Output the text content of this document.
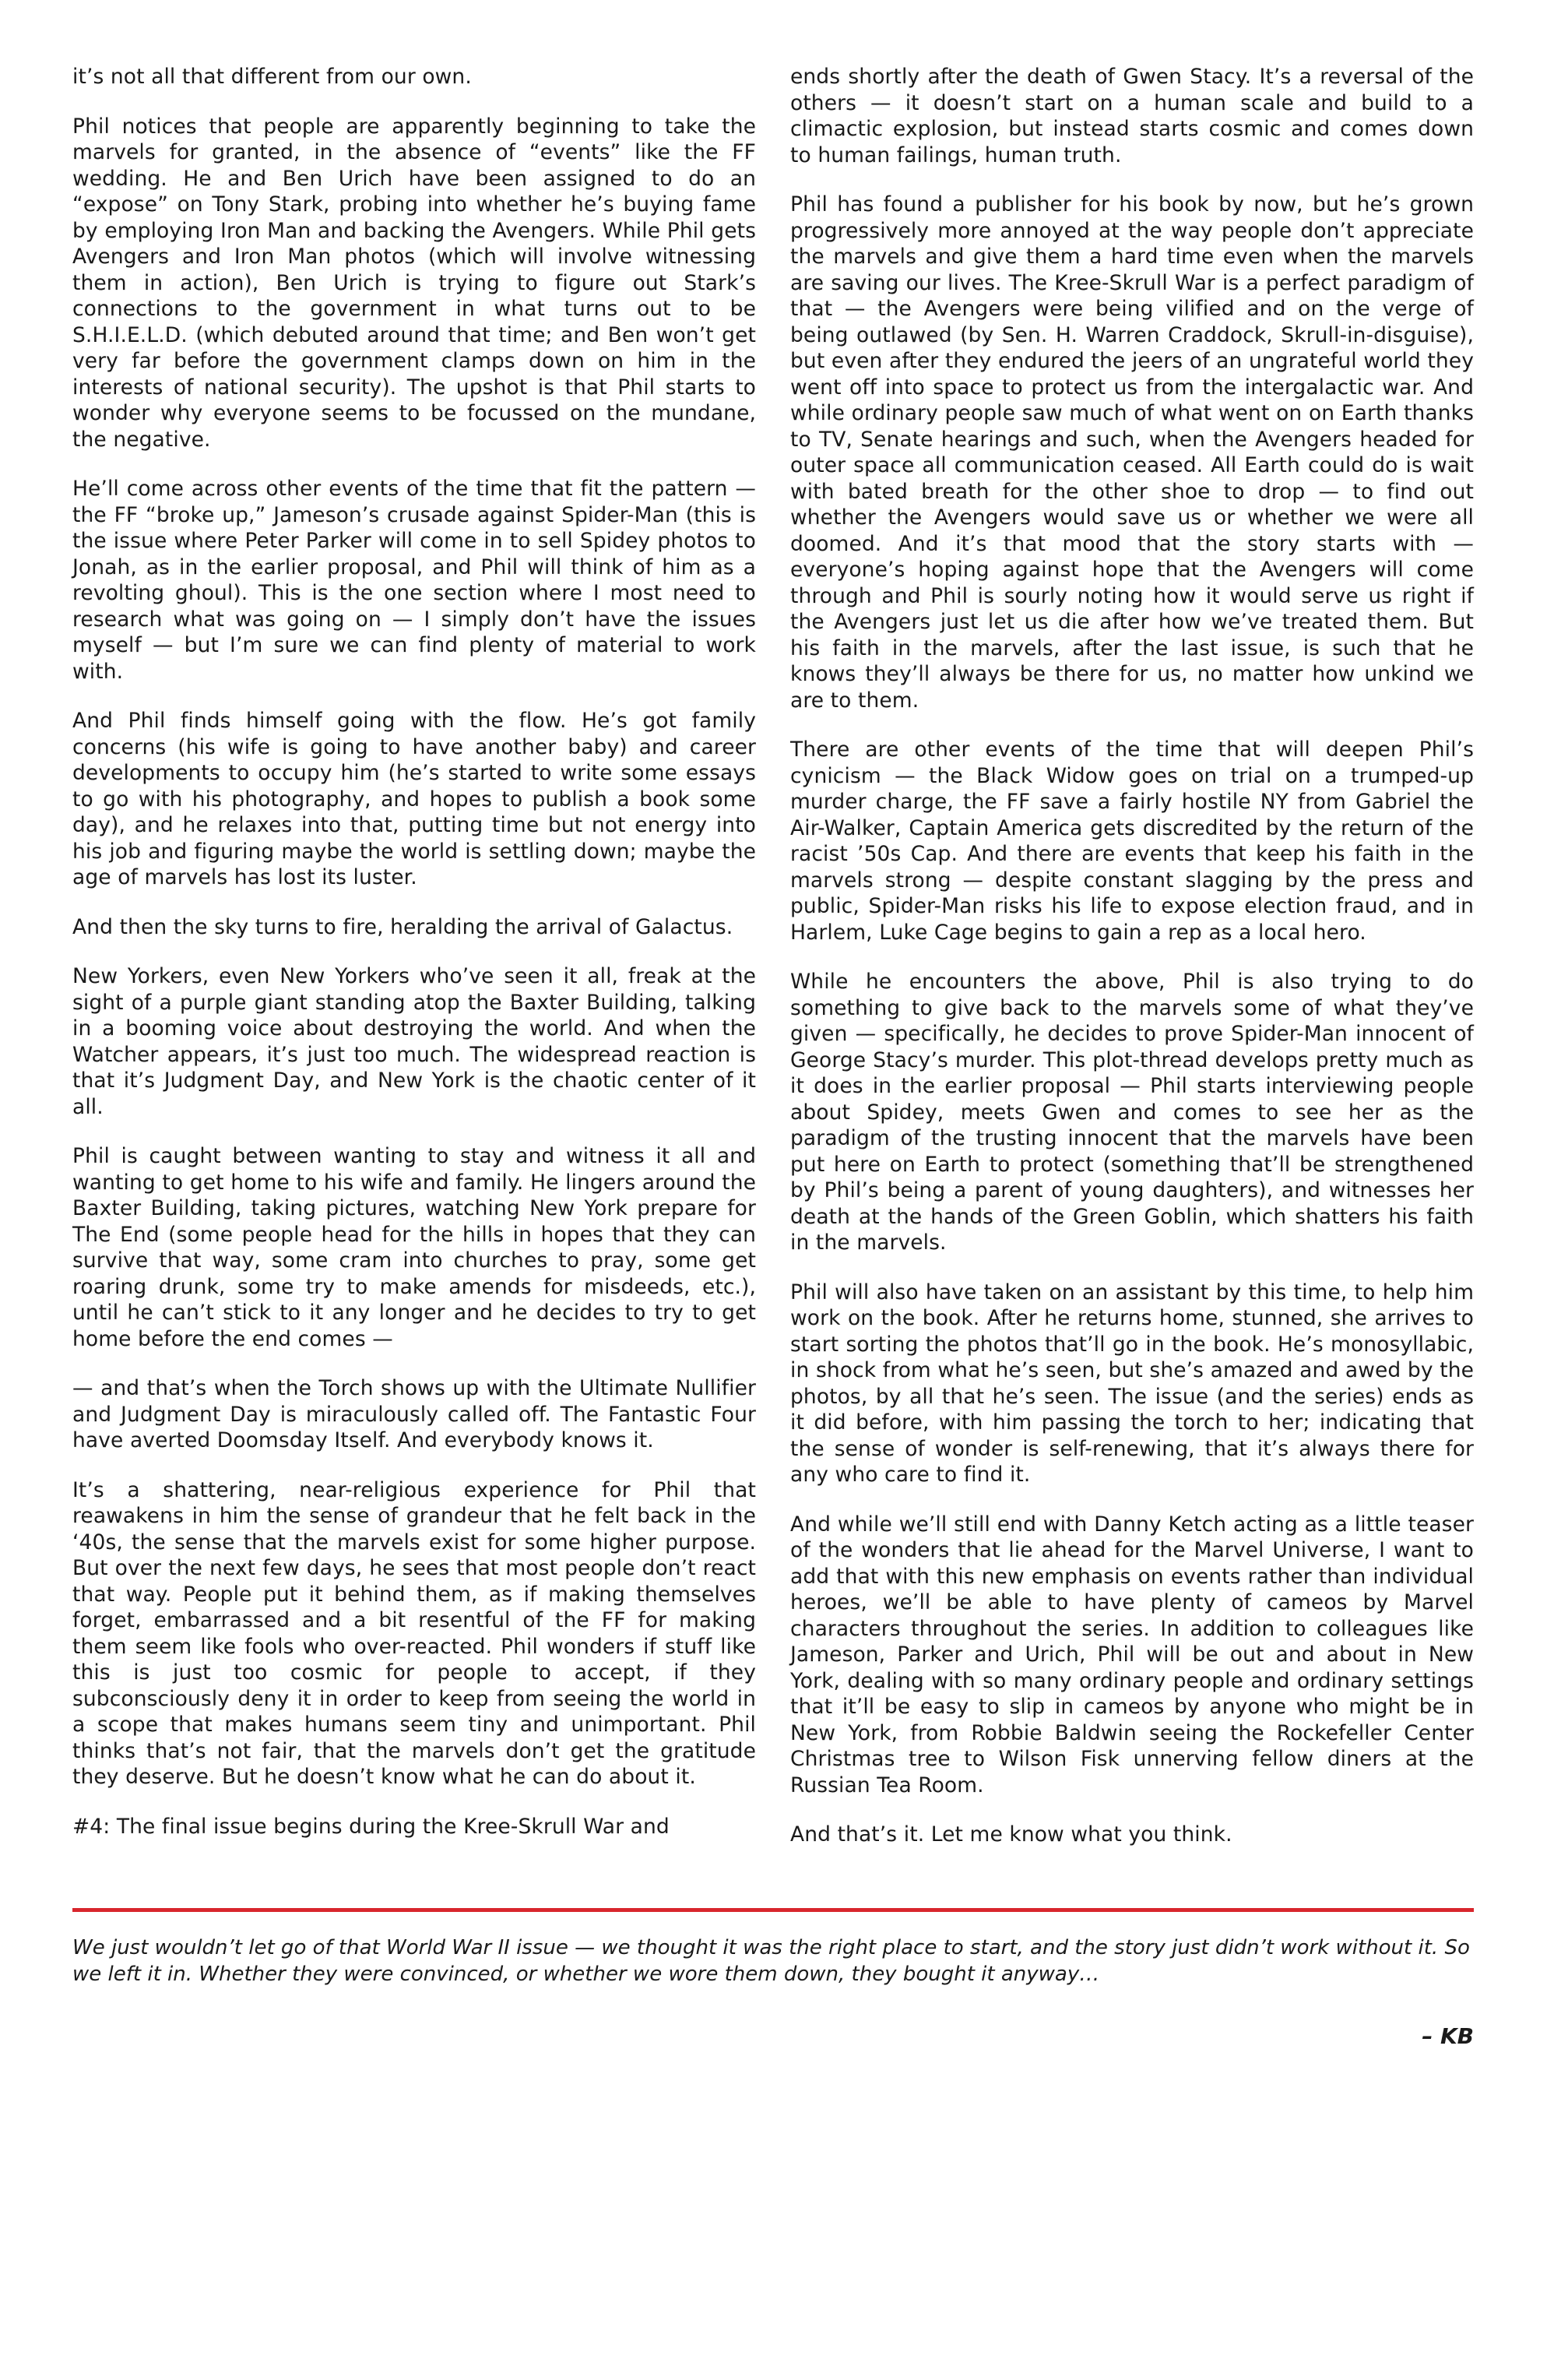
it’s not all that different from our own.

Phil notices that people are apparently beginning to take the marvels for granted, in the absence of “events” like the FF wedding. He and Ben Urich have been assigned to do an “expose” on Tony Stark, probing into whether he’s buying fame by employing Iron Man and backing the Avengers. While Phil gets Avengers and Iron Man photos (which will involve witnessing them in action), Ben Urich is trying to figure out Stark’s connections to the government in what turns out to be S.H.I.E.L.D. (which debuted around that time; and Ben won’t get very far before the government clamps down on him in the interests of national security). The upshot is that Phil starts to wonder why everyone seems to be focussed on the mundane, the negative.

He’ll come across other events of the time that fit the pattern — the FF “broke up,” Jameson’s crusade against Spider-Man (this is the issue where Peter Parker will come in to sell Spidey photos to Jonah, as in the earlier proposal, and Phil will think of him as a revolting ghoul). This is the one section where I most need to research what was going on — I simply don’t have the issues myself — but I’m sure we can find plenty of material to work with.

And Phil finds himself going with the flow. He’s got family concerns (his wife is going to have another baby) and career developments to occupy him (he’s started to write some essays to go with his photography, and hopes to publish a book some day), and he relaxes into that, putting time but not energy into his job and figuring maybe the world is settling down; maybe the age of marvels has lost its luster.

And then the sky turns to fire, heralding the arrival of Galactus.

New Yorkers, even New Yorkers who’ve seen it all, freak at the sight of a purple giant standing atop the Baxter Building, talking in a booming voice about destroying the world. And when the Watcher appears, it’s just too much. The widespread reaction is that it’s Judgment Day, and New York is the chaotic center of it all.

Phil is caught between wanting to stay and witness it all and wanting to get home to his wife and family. He lingers around the Baxter Building, taking pictures, watching New York prepare for The End (some people head for the hills in hopes that they can survive that way, some cram into churches to pray, some get roaring drunk, some try to make amends for misdeeds, etc.), until he can’t stick to it any longer and he decides to try to get home before the end comes —

— and that’s when the Torch shows up with the Ultimate Nullifier and Judgment Day is miraculously called off. The Fantastic Four have averted Doomsday Itself. And everybody knows it.

It’s a shattering, near-religious experience for Phil that reawakens in him the sense of grandeur that he felt back in the ‘40s, the sense that the marvels exist for some higher purpose. But over the next few days, he sees that most people don’t react that way. People put it behind them, as if making themselves forget, embarrassed and a bit resentful of the FF for making them seem like fools who over-reacted. Phil wonders if stuff like this is just too cosmic for people to accept, if they subconsciously deny it in order to keep from seeing the world in a scope that makes humans seem tiny and unimportant. Phil thinks that’s not fair, that the marvels don’t get the gratitude they deserve. But he doesn’t know what he can do about it.

#4: The final issue begins during the Kree-Skrull War and

ends shortly after the death of Gwen Stacy. It’s a reversal of the others — it doesn’t start on a human scale and build to a climactic explosion, but instead starts cosmic and comes down to human failings, human truth.

Phil has found a publisher for his book by now, but he’s grown progressively more annoyed at the way people don’t appreciate the marvels and give them a hard time even when the marvels are saving our lives. The Kree-Skrull War is a perfect paradigm of that — the Avengers were being vilified and on the verge of being outlawed (by Sen. H. Warren Craddock, Skrull-in-disguise), but even after they endured the jeers of an ungrateful world they went off into space to protect us from the intergalactic war. And while ordinary people saw much of what went on on Earth thanks to TV, Senate hearings and such, when the Avengers headed for outer space all communication ceased. All Earth could do is wait with bated breath for the other shoe to drop — to find out whether the Avengers would save us or whether we were all doomed. And it’s that mood that the story starts with — everyone’s hoping against hope that the Avengers will come through and Phil is sourly noting how it would serve us right if the Avengers just let us die after how we’ve treated them. But his faith in the marvels, after the last issue, is such that he knows they’ll always be there for us, no matter how unkind we are to them.

There are other events of the time that will deepen Phil’s cynicism — the Black Widow goes on trial on a trumped-up murder charge, the FF save a fairly hostile NY from Gabriel the Air-Walker, Captain America gets discredited by the return of the racist ’50s Cap. And there are events that keep his faith in the marvels strong — despite constant slagging by the press and public, Spider-Man risks his life to expose election fraud, and in Harlem, Luke Cage begins to gain a rep as a local hero.

While he encounters the above, Phil is also trying to do something to give back to the marvels some of what they’ve given — specifically, he decides to prove Spider-Man innocent of George Stacy’s murder. This plot-thread develops pretty much as it does in the earlier proposal — Phil starts interviewing people about Spidey, meets Gwen and comes to see her as the paradigm of the trusting innocent that the marvels have been put here on Earth to protect (something that’ll be strengthened by Phil’s being a parent of young daughters), and witnesses her death at the hands of the Green Goblin, which shatters his faith in the marvels.

Phil will also have taken on an assistant by this time, to help him work on the book. After he returns home, stunned, she arrives to start sorting the photos that’ll go in the book. He’s monosyllabic, in shock from what he’s seen, but she’s amazed and awed by the photos, by all that he’s seen. The issue (and the series) ends as it did before, with him passing the torch to her; indicating that the sense of wonder is self-renewing, that it’s always there for any who care to find it.

And while we’ll still end with Danny Ketch acting as a little teaser of the wonders that lie ahead for the Marvel Universe, I want to add that with this new emphasis on events rather than individual heroes, we’ll be able to have plenty of cameos by Marvel characters throughout the series. In addition to colleagues like Jameson, Parker and Urich, Phil will be out and about in New York, dealing with so many ordinary people and ordinary settings that it’ll be easy to slip in cameos by anyone who might be in New York, from Robbie Baldwin seeing the Rockefeller Center Christmas tree to Wilson Fisk unnerving fellow diners at the Russian Tea Room.

And that’s it. Let me know what you think.

We just wouldn’t let go of that World War II issue — we thought it was the right place to start, and the story just didn’t work without it. So we left it in. Whether they were convinced, or whether we wore them down, they bought it anyway…

– KB
